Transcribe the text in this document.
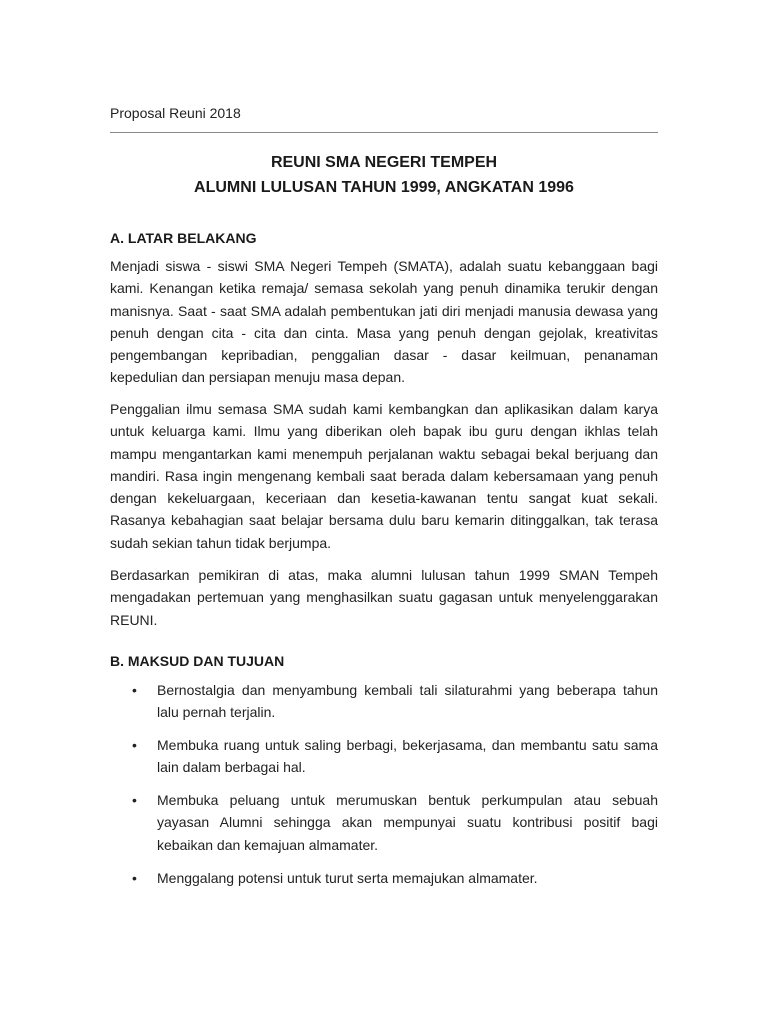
Proposal Reuni 2018
REUNI SMA NEGERI TEMPEH
ALUMNI LULUSAN TAHUN 1999, ANGKATAN 1996
A. LATAR BELAKANG

Menjadi siswa - siswi SMA Negeri Tempeh (SMATA), adalah suatu kebanggaan bagi kami. Kenangan ketika remaja/ semasa sekolah yang penuh dinamika terukir dengan manisnya. Saat - saat SMA adalah pembentukan jati diri menjadi manusia dewasa yang penuh dengan cita - cita dan cinta. Masa yang penuh dengan gejolak, kreativitas pengembangan kepribadian, penggalian dasar - dasar keilmuan, penanaman kepedulian dan persiapan menuju masa depan.

Penggalian ilmu semasa SMA sudah kami kembangkan dan aplikasikan dalam karya untuk keluarga kami. Ilmu yang diberikan oleh bapak ibu guru dengan ikhlas telah mampu mengantarkan kami menempuh perjalanan waktu sebagai bekal berjuang dan mandiri. Rasa ingin mengenang kembali saat berada dalam kebersamaan yang penuh dengan kekeluargaan, keceriaan dan kesetia-kawanan tentu sangat kuat sekali. Rasanya kebahagian saat belajar bersama dulu baru kemarin ditinggalkan, tak terasa sudah sekian tahun tidak berjumpa.

Berdasarkan pemikiran di atas, maka alumni lulusan tahun 1999 SMAN Tempeh mengadakan pertemuan yang menghasilkan suatu gagasan untuk menyelenggarakan REUNI.

B. MAKSUD DAN TUJUAN
• Bernostalgia dan menyambung kembali tali silaturahmi yang beberapa tahun lalu pernah terjalin.
• Membuka ruang untuk saling berbagi, bekerjasama, dan membantu satu sama lain dalam berbagai hal.
• Membuka peluang untuk merumuskan bentuk perkumpulan atau sebuah yayasan Alumni sehingga akan mempunyai suatu kontribusi positif bagi kebaikan dan kemajuan almamater.
• Menggalang potensi untuk turut serta memajukan almamater.
